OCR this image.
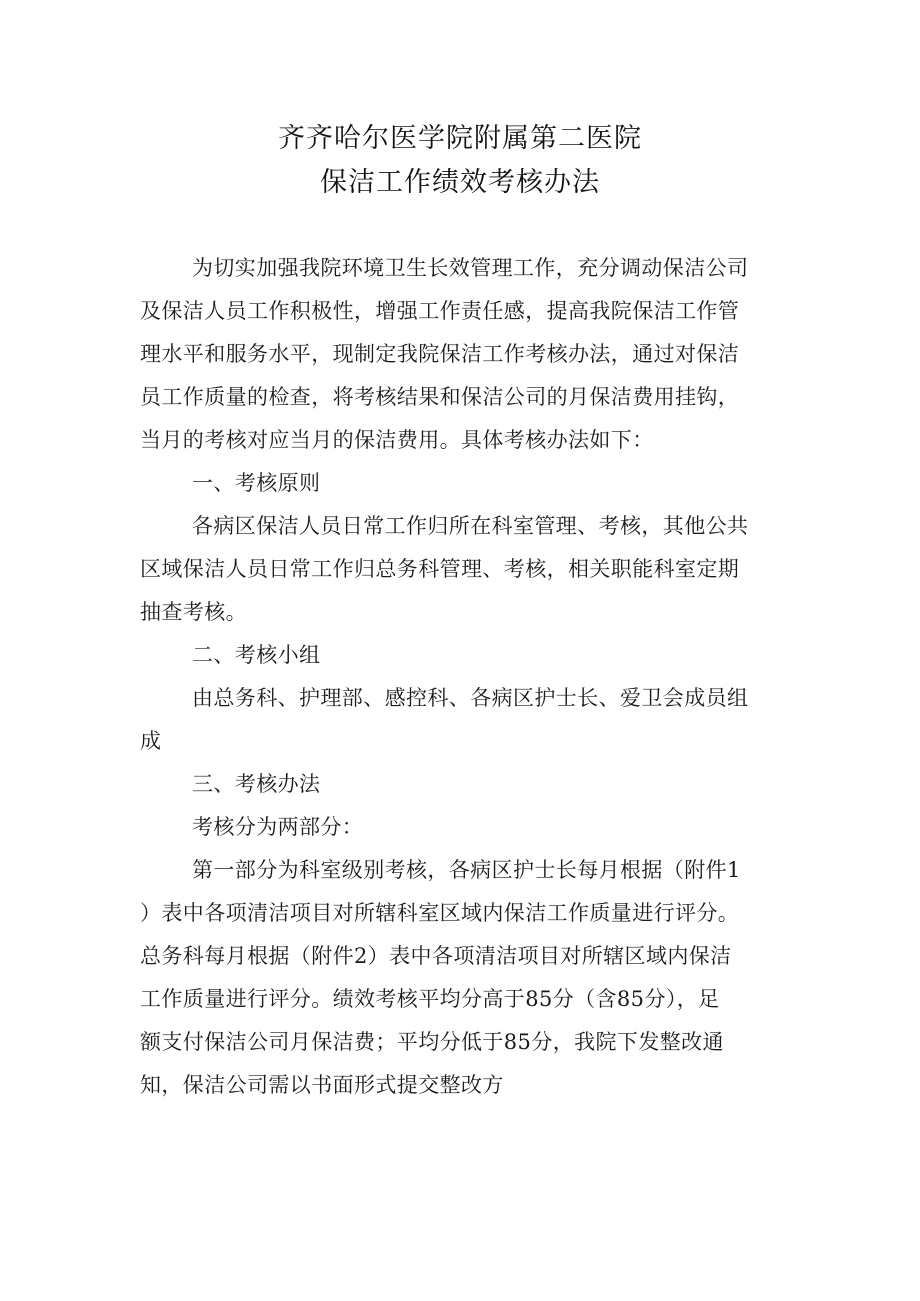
齐齐哈尔医学院附属第二医院
保洁工作绩效考核办法
为切实加强我院环境卫生长效管理工作，充分调动保洁公司
及保洁人员工作积极性，增强工作责任感，提高我院保洁工作管
理水平和服务水平，现制定我院保洁工作考核办法，通过对保洁
员工作质量的检查，将考核结果和保洁公司的月保洁费用挂钩，
当月的考核对应当月的保洁费用。具体考核办法如下：
一、考核原则
各病区保洁人员日常工作归所在科室管理、考核，其他公共
区域保洁人员日常工作归总务科管理、考核，相关职能科室定期
抽查考核。
二、考核小组
由总务科、护理部、感控科、各病区护士长、爱卫会成员组
成
三、考核办法
考核分为两部分：
第一部分为科室级别考核，各病区护士长每月根据（附件1
）表中各项清洁项目对所辖科室区域内保洁工作质量进行评分。
总务科每月根据（附件2）表中各项清洁项目对所辖区域内保洁
工作质量进行评分。绩效考核平均分高于85分（含85分），足
额支付保洁公司月保洁费；平均分低于85分，我院下发整改通
知，保洁公司需以书面形式提交整改方
